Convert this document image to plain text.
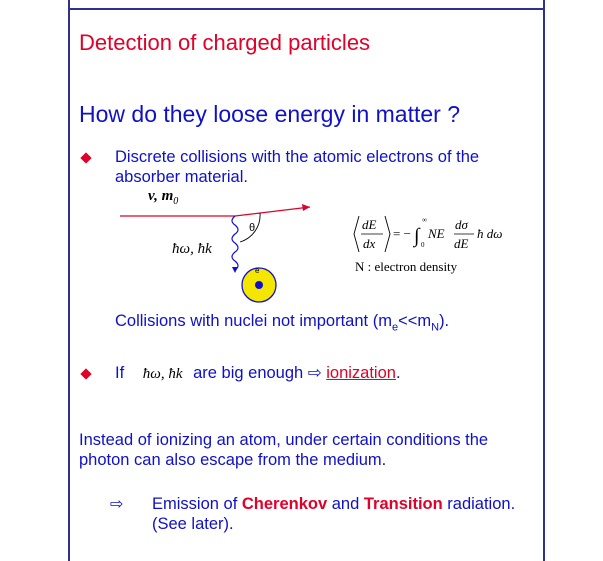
Detection of charged particles
How do they loose energy in matter ?
Discrete collisions with the atomic electrons of the absorber material.
v, $m_0$
ħω, ħk
θ
e
dE
dx
= − ∫ 0
∞
NE
dσ
dE
ħ dω
N : electron density
Collisions with nuclei not important $(m_e<<m_N)$.
If ħω, ħk are big enough ⇨ ionization.
Instead of ionizing an atom, under certain conditions the photon can also escape from the medium.
⇨ Emission of Cherenkov and Transition radiation. (See later).
